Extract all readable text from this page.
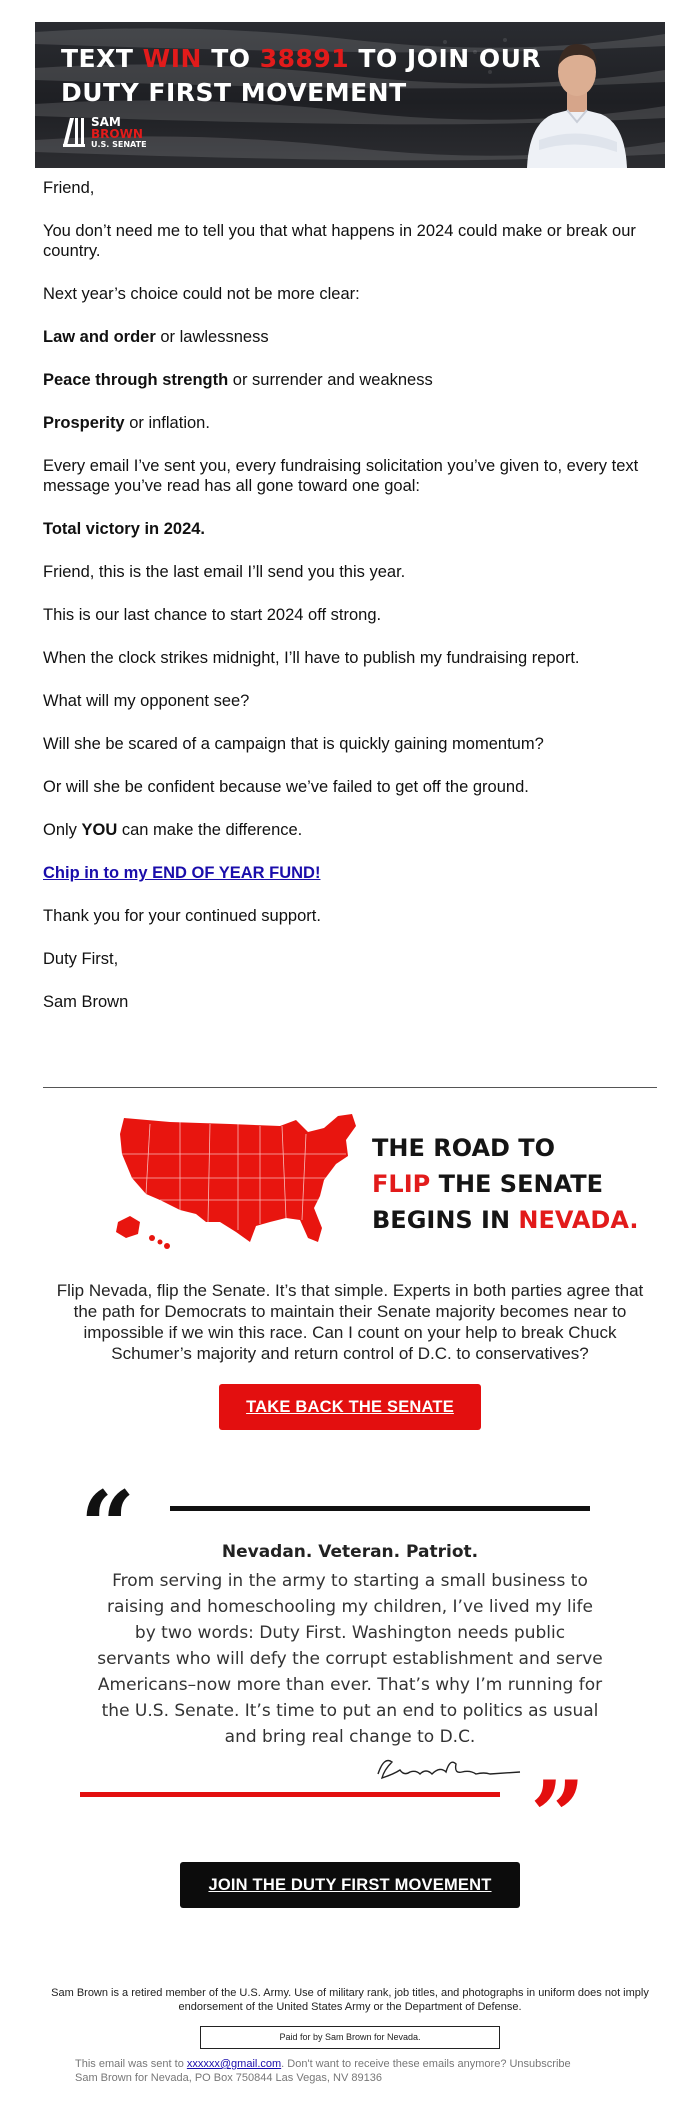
TEXT WIN TO 38891 TO JOIN OUR
DUTY FIRST MOVEMENT
SAM
BROWN
U.S. SENATE

Friend,

You don’t need me to tell you that what happens in 2024 could make or break our country.

Next year’s choice could not be more clear:

Law and order or lawlessness

Peace through strength or surrender and weakness

Prosperity or inflation.

Every email I’ve sent you, every fundraising solicitation you’ve given to, every text message you’ve read has all gone toward one goal:

Total victory in 2024.

Friend, this is the last email I’ll send you this year.

This is our last chance to start 2024 off strong.

When the clock strikes midnight, I’ll have to publish my fundraising report.

What will my opponent see?

Will she be scared of a campaign that is quickly gaining momentum?

Or will she be confident because we’ve failed to get off the ground.

Only YOU can make the difference.

Chip in to my END OF YEAR FUND!

Thank you for your continued support.

Duty First,

Sam Brown

THE ROAD TO
FLIP THE SENATE
BEGINS IN NEVADA.
Flip Nevada, flip the Senate. It’s that simple. Experts in both parties agree that the path for Democrats to maintain their Senate majority becomes near to impossible if we win this race. Can I count on your help to break Chuck Schumer’s majority and return control of D.C. to conservatives?
TAKE BACK THE SENATE
“	Nevadan. Veteran. Patriot.
From serving in the army to starting a small business to raising and homeschooling my children, I’ve lived my life by two words: Duty First. Washington needs public servants who will defy the corrupt establishment and serve Americans–now more than ever. That’s why I’m running for the U.S. Senate. It’s time to put an end to politics as usual and bring real change to D.C.
”
JOIN THE DUTY FIRST MOVEMENT
Sam Brown is a retired member of the U.S. Army. Use of military rank, job titles, and photographs in uniform does not imply endorsement of the United States Army or the Department of Defense.
Paid for by Sam Brown for Nevada.
This email was sent to xxxxxx@gmail.com. Don't want to receive these emails anymore? Unsubscribe
Sam Brown for Nevada, PO Box 750844 Las Vegas, NV 89136
